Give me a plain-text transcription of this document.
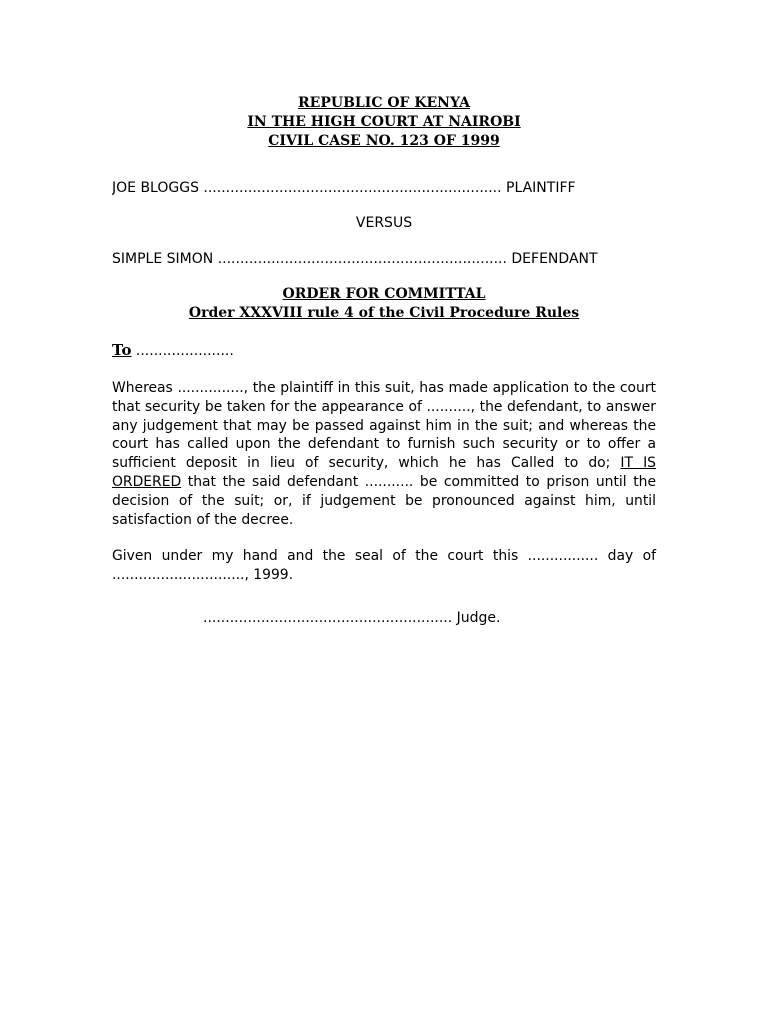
REPUBLIC OF KENYA
IN THE HIGH COURT AT NAIROBI
CIVIL CASE NO. 123 OF 1999
JOE BLOGGS ................................................................... PLAINTIFF
VERSUS
SIMPLE SIMON ................................................................. DEFENDANT
ORDER FOR COMMITTAL
Order XXXVIII rule 4 of the Civil Procedure Rules
To ......................
Whereas ..............., the plaintiff in this suit, has made application to the court that security be taken for the appearance of .........., the defendant, to answer any judgement that may be passed against him in the suit; and whereas the court has called upon the defendant to furnish such security or to offer a sufficient deposit in lieu of security, which he has Called to do; IT IS ORDERED that the said defendant ........... be committed to prison until the decision of the suit; or, if judgement be pronounced against him, until satisfaction of the decree.
Given under my hand and the seal of the court this ................ day of .............................., 1999.
........................................................ Judge.
